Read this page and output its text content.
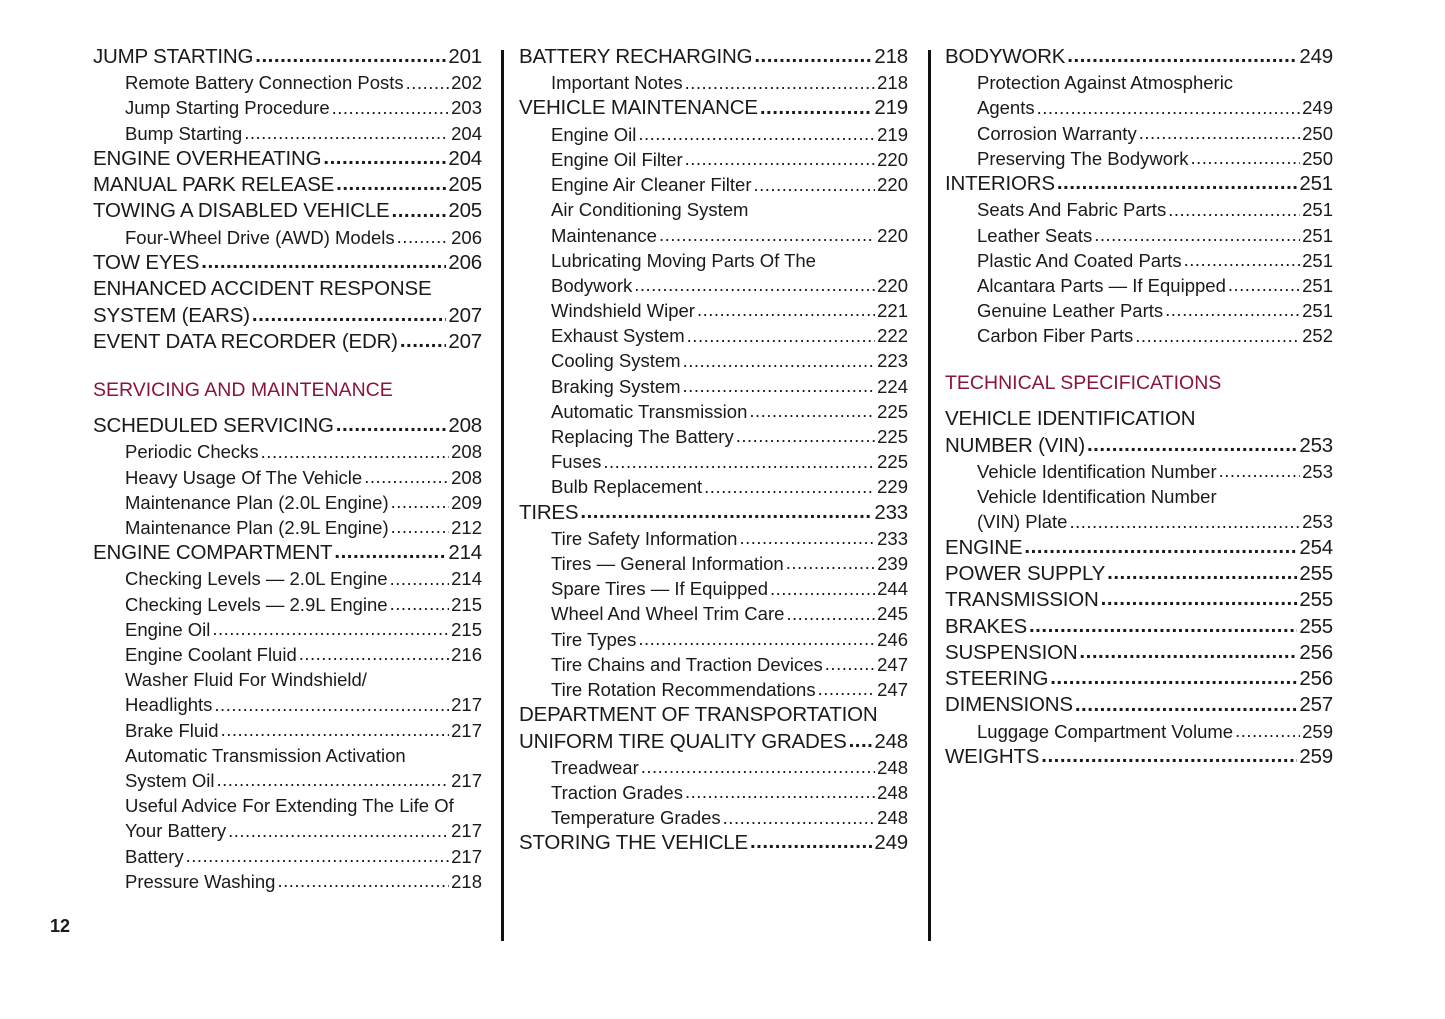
JUMP STARTING .....	201
Remote Battery Connection Posts .....	202
Jump Starting Procedure .....	203
Bump Starting .....	204
ENGINE OVERHEATING .....	204
MANUAL PARK RELEASE .....	205
TOWING A DISABLED VEHICLE .....	205
Four-Wheel Drive (AWD) Models .....	206
TOW EYES .....	206
ENHANCED ACCIDENT RESPONSE
SYSTEM (EARS) .....	207
EVENT DATA RECORDER (EDR) ..... 207
SERVICING AND MAINTENANCE
SCHEDULED SERVICING .....	208
Periodic Checks .....	208
Heavy Usage Of The Vehicle .....	208
Maintenance Plan (2.0L Engine) .....	209
Maintenance Plan (2.9L Engine) .....	212
ENGINE COMPARTMENT .....	214
Checking Levels — 2.0L Engine .....	214
Checking Levels — 2.9L Engine .....	215
Engine Oil .....	215
Engine Coolant Fluid .....	216
Washer Fluid For Windshield/
Headlights .....	217
Brake Fluid .....	217
Automatic Transmission Activation
System Oil .....	217
Useful Advice For Extending The Life Of
Your Battery .....	217
Battery .....	217
Pressure Washing .....	218
BATTERY RECHARGING .....	218
Important Notes .....	218
VEHICLE MAINTENANCE .....	219
Engine Oil .....	219
Engine Oil Filter .....	220
Engine Air Cleaner Filter .....	220
Air Conditioning System
Maintenance .....	220
Lubricating Moving Parts Of The
Bodywork .....	220
Windshield Wiper .....	221
Exhaust System .....	222
Cooling System .....	223
Braking System .....	224
Automatic Transmission .....	225
Replacing The Battery .....	225
Fuses .....	225
Bulb Replacement .....	229
TIRES .....	233
Tire Safety Information .....	233
Tires — General Information .....	239
Spare Tires — If Equipped .....	244
Wheel And Wheel Trim Care .....	245
Tire Types .....	246
Tire Chains and Traction Devices .....	247
Tire Rotation Recommendations .....	247
DEPARTMENT OF TRANSPORTATION
UNIFORM TIRE QUALITY GRADES ..... 248
Treadwear .....	248
Traction Grades .....	248
Temperature Grades .....	248
STORING THE VEHICLE .....	249
BODYWORK .....	249
Protection Against Atmospheric
Agents .....	249
Corrosion Warranty .....	250
Preserving The Bodywork .....	250
INTERIORS .....	251
Seats And Fabric Parts .....	251
Leather Seats .....	251
Plastic And Coated Parts .....	251
Alcantara Parts — If Equipped .....	251
Genuine Leather Parts .....	251
Carbon Fiber Parts .....	252
TECHNICAL SPECIFICATIONS
VEHICLE IDENTIFICATION
NUMBER (VIN) .....	253
Vehicle Identification Number .....	253
Vehicle Identification Number
(VIN) Plate .....	253
ENGINE .....	254
POWER SUPPLY .....	255
TRANSMISSION .....	255
BRAKES .....	255
SUSPENSION .....	256
STEERING .....	256
DIMENSIONS .....	257
Luggage Compartment Volume .....	259
WEIGHTS .....	259
12
